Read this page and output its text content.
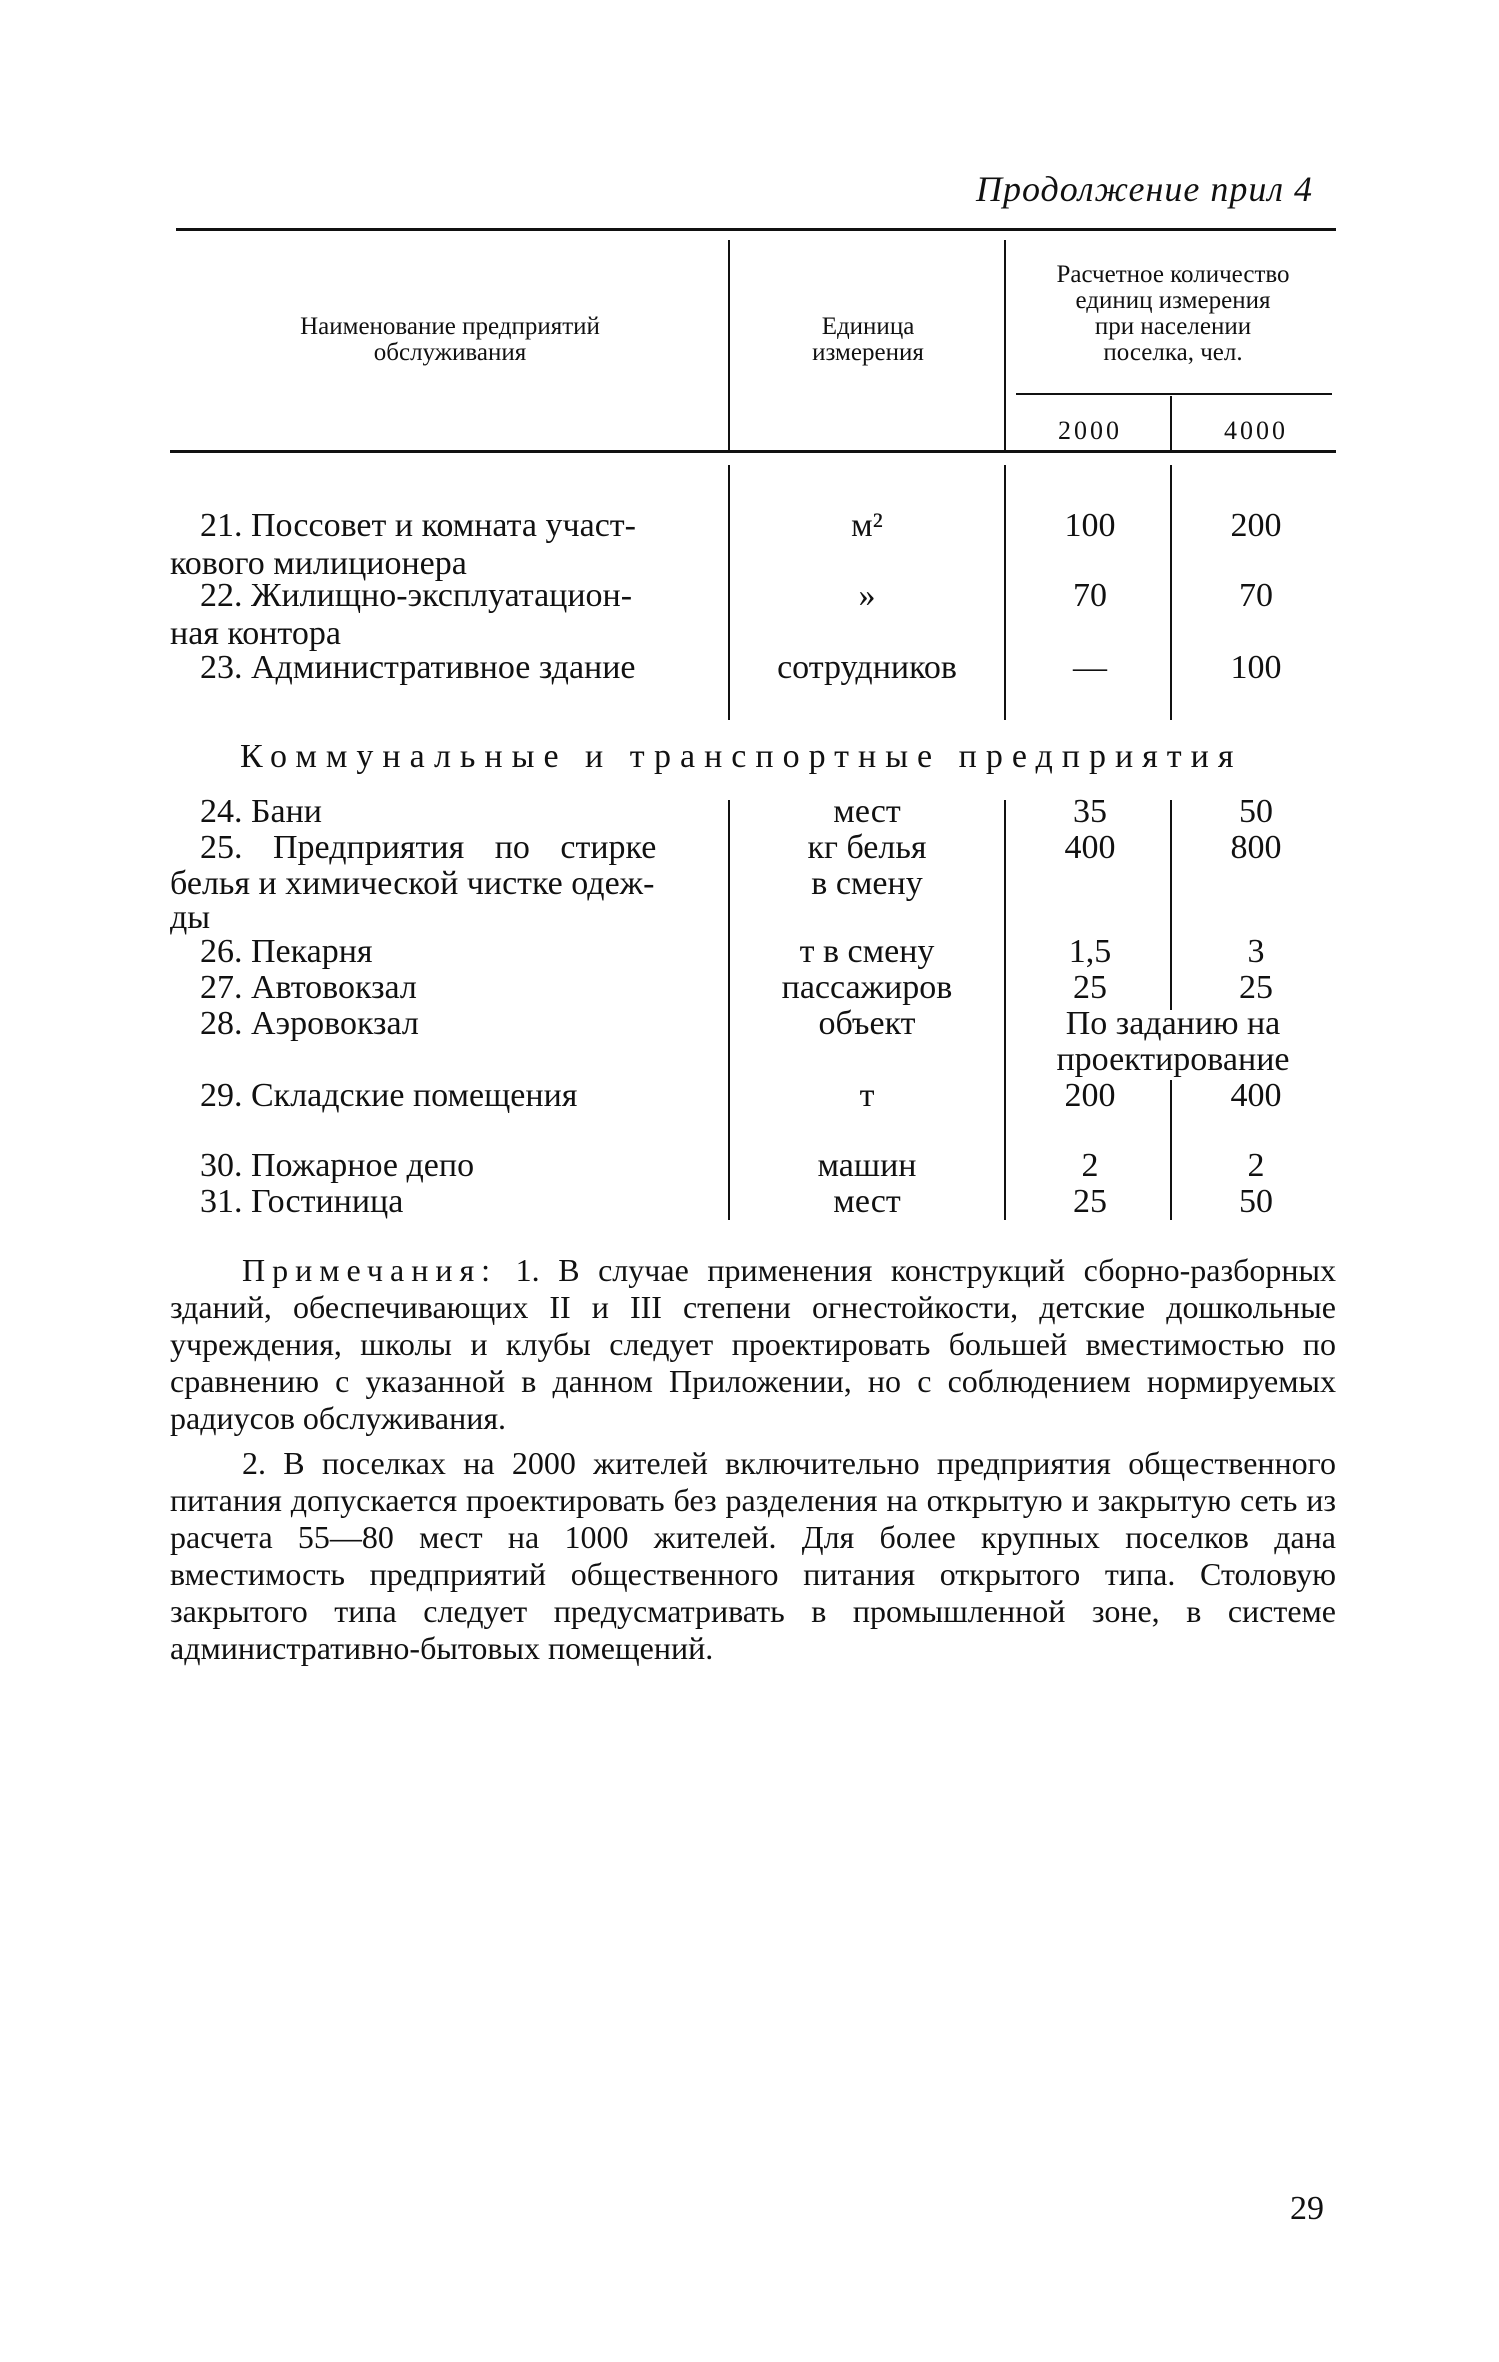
Продолжение прил 4
Наименование предприятий
обслуживания
Единица
измерения
Расчетное количество
единиц измерения
при населении
поселка, чел.
2000	4000
21. Поссовет и комната участ-	м²	100	200
кового милиционера
22. Жилищно-эксплуатацион-	»	70	70
ная контора
23. Административное здание	сотрудников	—	100
Коммунальные и транспортные предприятия
24. Бани	мест	35	50
25. Предприятия по стирке	кг белья	400	800
белья и химической чистке одеж-	в смену
ды
26. Пекарня	т в смену	1,5	3
27. Автовокзал	пассажиров	25	25
28. Аэровокзал	объект	По заданию на
проектирование
29. Складские помещения	т	200	400
30. Пожарное депо	машин	2	2
31. Гостиница	мест	25	50

Примечания: 1. В случае применения конструкций сборно-разборных зданий, обеспечивающих II и III степени огнестойкости, детские дошкольные учреждения, школы и клубы следует проектировать большей вместимостью по сравнению с указанной в данном Приложении, но с соблюдением нормируемых радиусов обслуживания.

2. В поселках на 2000 жителей включительно предприятия общественного питания допускается проектировать без разделения на открытую и закрытую сеть из расчета 55—80 мест на 1000 жителей. Для более крупных поселков дана вместимость предприятий общественного питания открытого типа. Столовую закрытого типа следует предусматривать в промышленной зоне, в системе административно-бытовых помещений.

29
